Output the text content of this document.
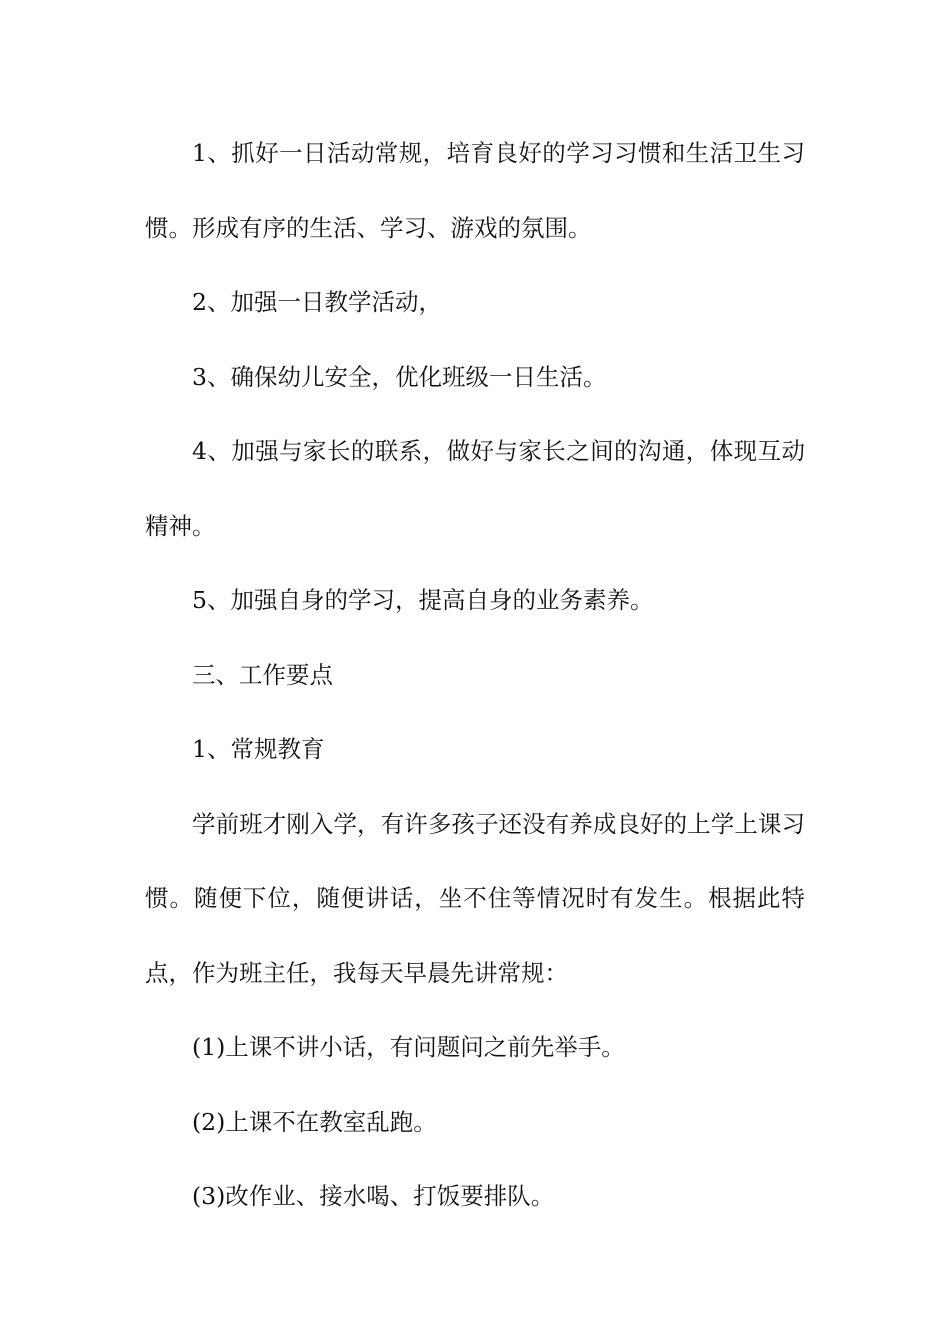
1、抓好一日活动常规，培育良好的学习习惯和生活卫生习惯。形成有序的生活、学习、游戏的氛围。

2、加强一日教学活动，

3、确保幼儿安全，优化班级一日生活。

4、加强与家长的联系，做好与家长之间的沟通，体现互动精神。

5、加强自身的学习，提高自身的业务素养。

三、工作要点

1、常规教育

学前班才刚入学，有许多孩子还没有养成良好的上学上课习惯。随便下位，随便讲话，坐不住等情况时有发生。根据此特点，作为班主任，我每天早晨先讲常规：

(1)上课不讲小话，有问题问之前先举手。

(2)上课不在教室乱跑。

(3)改作业、接水喝、打饭要排队。
